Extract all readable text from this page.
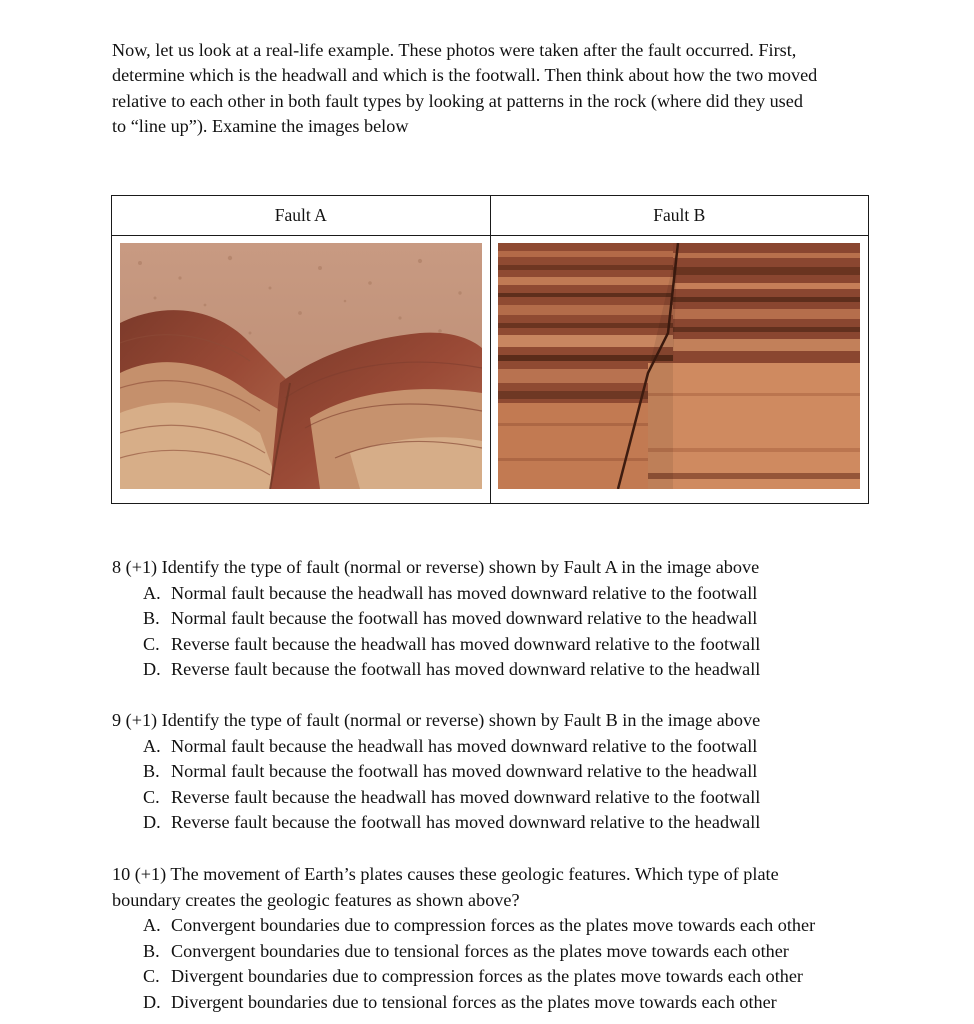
Now, let us look at a real-life example. These photos were taken after the fault occurred. First,
determine which is the headwall and which is the footwall. Then think about how the two moved
relative to each other in both fault types by looking at patterns in the rock (where did they used
to “line up”). Examine the images below
Fault A	Fault B

8 (+1) Identify the type of fault (normal or reverse) shown by Fault A in the image above
A. Normal fault because the headwall has moved downward relative to the footwall
B. Normal fault because the footwall has moved downward relative to the headwall
C. Reverse fault because the headwall has moved downward relative to the footwall
D. Reverse fault because the footwall has moved downward relative to the headwall
9 (+1) Identify the type of fault (normal or reverse) shown by Fault B in the image above
A. Normal fault because the headwall has moved downward relative to the footwall
B. Normal fault because the footwall has moved downward relative to the headwall
C. Reverse fault because the headwall has moved downward relative to the footwall
D. Reverse fault because the footwall has moved downward relative to the headwall
10 (+1) The movement of Earth’s plates causes these geologic features. Which type of plate
boundary creates the geologic features as shown above?
A. Convergent boundaries due to compression forces as the plates move towards each other
B. Convergent boundaries due to tensional forces as the plates move towards each other
C. Divergent boundaries due to compression forces as the plates move towards each other
D. Divergent boundaries due to tensional forces as the plates move towards each other
